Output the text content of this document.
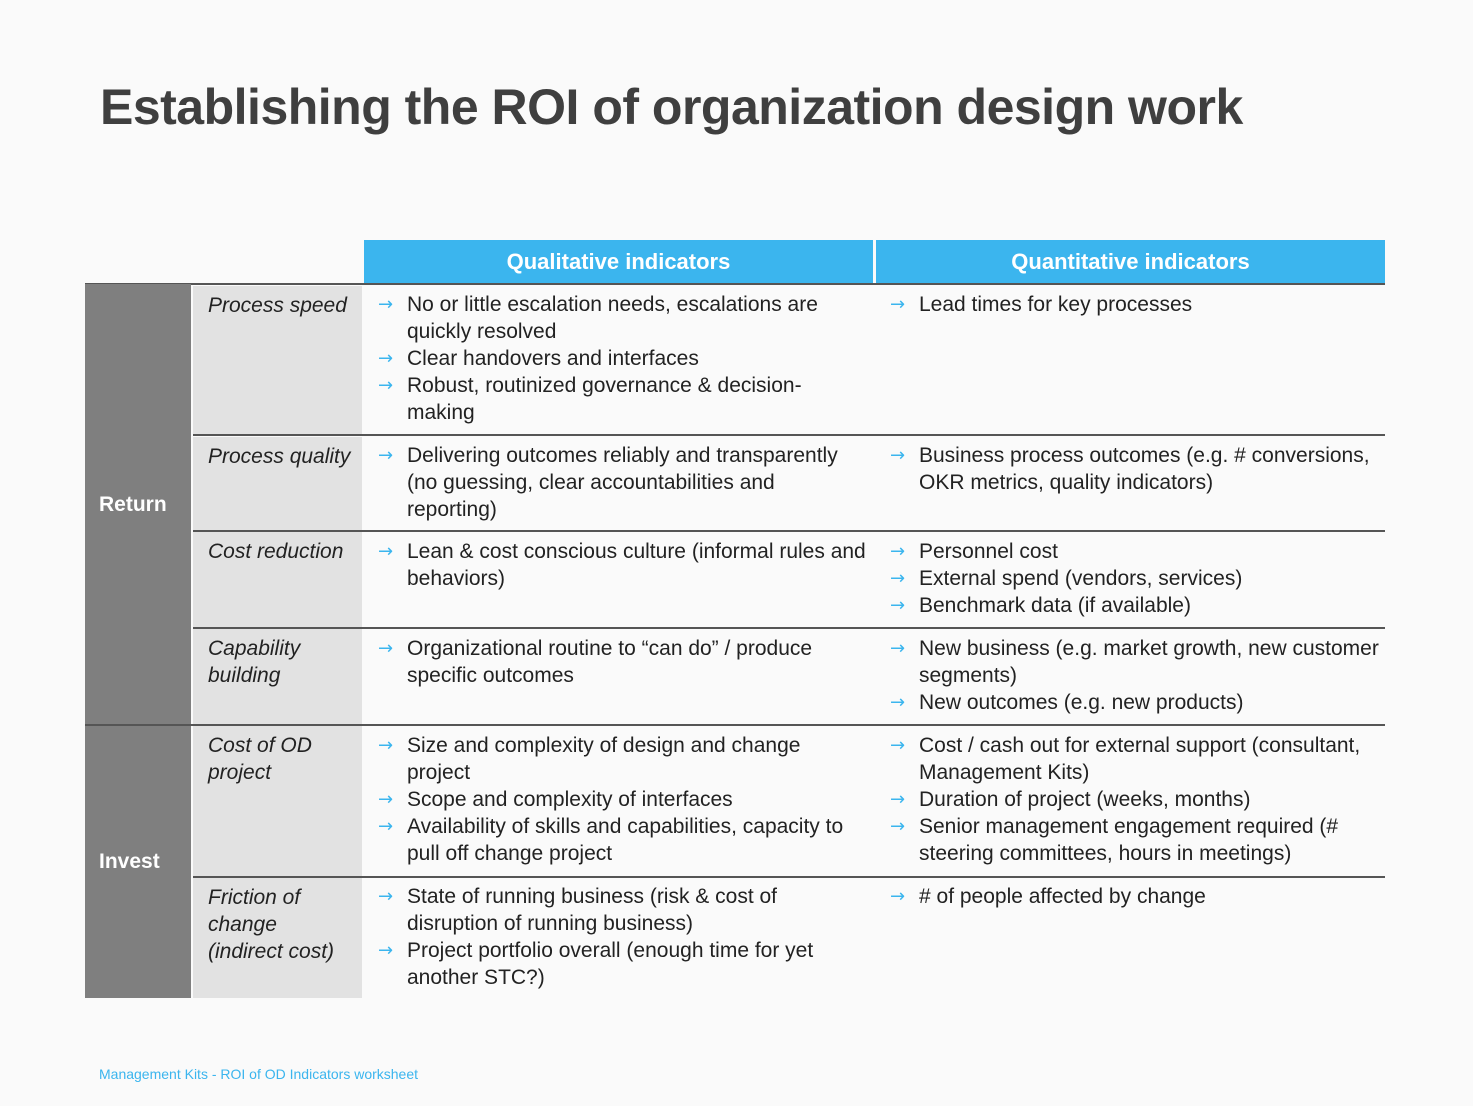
Establishing the ROI of organization design work
Qualitative indicators	Quantitative indicators
Return
Invest
Process speed
Process quality
Cost reduction
Capability building
Cost of OD project
Friction of change (indirect cost)
→ No or little escalation needs, escalations are quickly resolved
→ Clear handovers and interfaces
→ Robust, routinized governance & decision-making
→ Lead times for key processes
→ Delivering outcomes reliably and transparently (no guessing, clear accountabilities and reporting)
→ Business process outcomes (e.g. # conversions, OKR metrics, quality indicators)
→ Lean & cost conscious culture (informal rules and behaviors)
→ Personnel cost
→ External spend (vendors, services)
→ Benchmark data (if available)
→ Organizational routine to “can do” / produce specific outcomes
→ New business (e.g. market growth, new customer segments)
→ New outcomes (e.g. new products)
→ Size and complexity of design and change project
→ Scope and complexity of interfaces
→ Availability of skills and capabilities, capacity to pull off change project
→ Cost / cash out for external support (consultant, Management Kits)
→ Duration of project (weeks, months)
→ Senior management engagement required (# steering committees, hours in meetings)
→ State of running business (risk & cost of disruption of running business)
→ Project portfolio overall (enough time for yet another STC?)
→ # of people affected by change
Management Kits - ROI of OD Indicators worksheet
